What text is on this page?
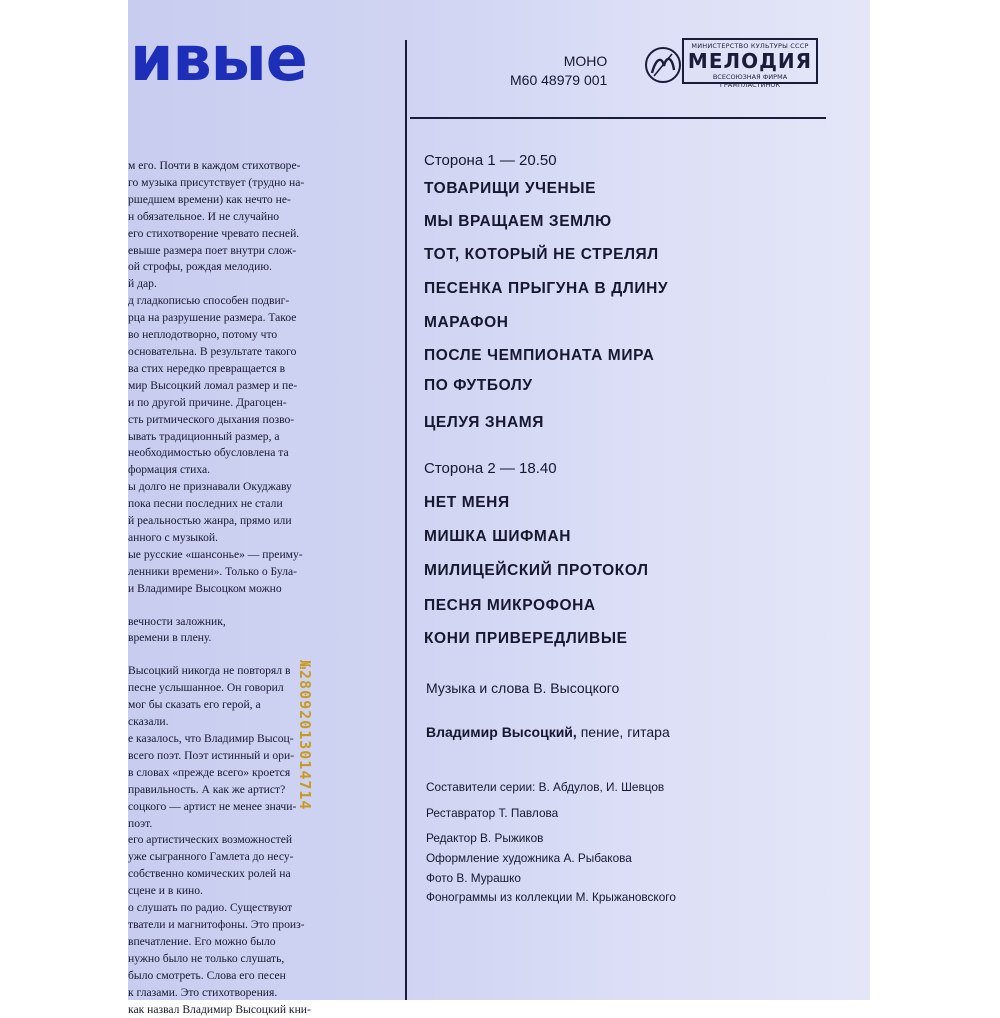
ивые
м его. Почти в каждом стихотворе-
го музыка присутствует (трудно на-
ршедшем времени) как нечто не-
н обязательное. И не случайно
его стихотворение чревато песней.
евыше размера поет внутри слож-
ой строфы, рождая мелодию.
й дар.
д гладкописью способен подвиг-
рца на разрушение размера. Такое
во неплодотворно, потому что
основательна. В результате такого
ва стих нередко превращается в
мир Высоцкий ломал размер и пе-
и по другой причине. Драгоцен-
сть ритмического дыхания позво-
ывать традиционный размер, а
необходимостью обусловлена та
формация стиха.
ы долго не признавали Окуджаву
пока песни последних не стали
й реальностью жанра, прямо или
анного с музыкой.
ые русские «шансонье» — преиму-
ленники времени». Только о Була-
и Владимире Высоцком можно
вечности заложник,
времени в плену.
Высоцкий никогда не повторял в
песне услышанное. Он говорил
мог бы сказать его герой, а
сказали.
е казалось, что Владимир Высоц-
всего поэт. Поэт истинный и ори-
в словах «прежде всего» кроется
правильность. А как же артист?
соцкого — артист не менее значи-
поэт.
его артистических возможностей
уже сыгранного Гамлета до несу-
собственно комических ролей на
сцене и в кино.
о слушать по радио. Существуют
тватели и магнитофоны. Это произ-
впечатление. Его можно было
нужно было не только слушать,
было смотреть. Слова его песен
к глазами. Это стихотворения.
как назвал Владимир Высоцкий кни-
№28092013014714
МОНО
М60 48979 001
МИНИСТЕРСТВО КУЛЬТУРЫ СССР
МЕЛОДИЯ
ВСЕСОЮЗНАЯ ФИРМА ГРАМПЛАСТИНОК
Сторона 1 — 20.50
ТОВАРИЩИ УЧЕНЫЕ
МЫ ВРАЩАЕМ ЗЕМЛЮ
ТОТ, КОТОРЫЙ НЕ СТРЕЛЯЛ
ПЕСЕНКА ПРЫГУНА В ДЛИНУ
МАРАФОН
ПОСЛЕ ЧЕМПИОНАТА МИРА
ПО ФУТБОЛУ
ЦЕЛУЯ ЗНАМЯ
Сторона 2 — 18.40
НЕТ МЕНЯ
МИШКА ШИФМАН
МИЛИЦЕЙСКИЙ ПРОТОКОЛ
ПЕСНЯ МИКРОФОНА
КОНИ ПРИВЕРЕДЛИВЫЕ
Музыка и слова В. Высоцкого
Владимир Высоцкий, пение, гитара
Составители серии: В. Абдулов, И. Шевцов
Реставратор Т. Павлова
Редактор В. Рыжиков
Оформление художника А. Рыбакова
Фото В. Мурашко
Фонограммы из коллекции М. Крыжановского
